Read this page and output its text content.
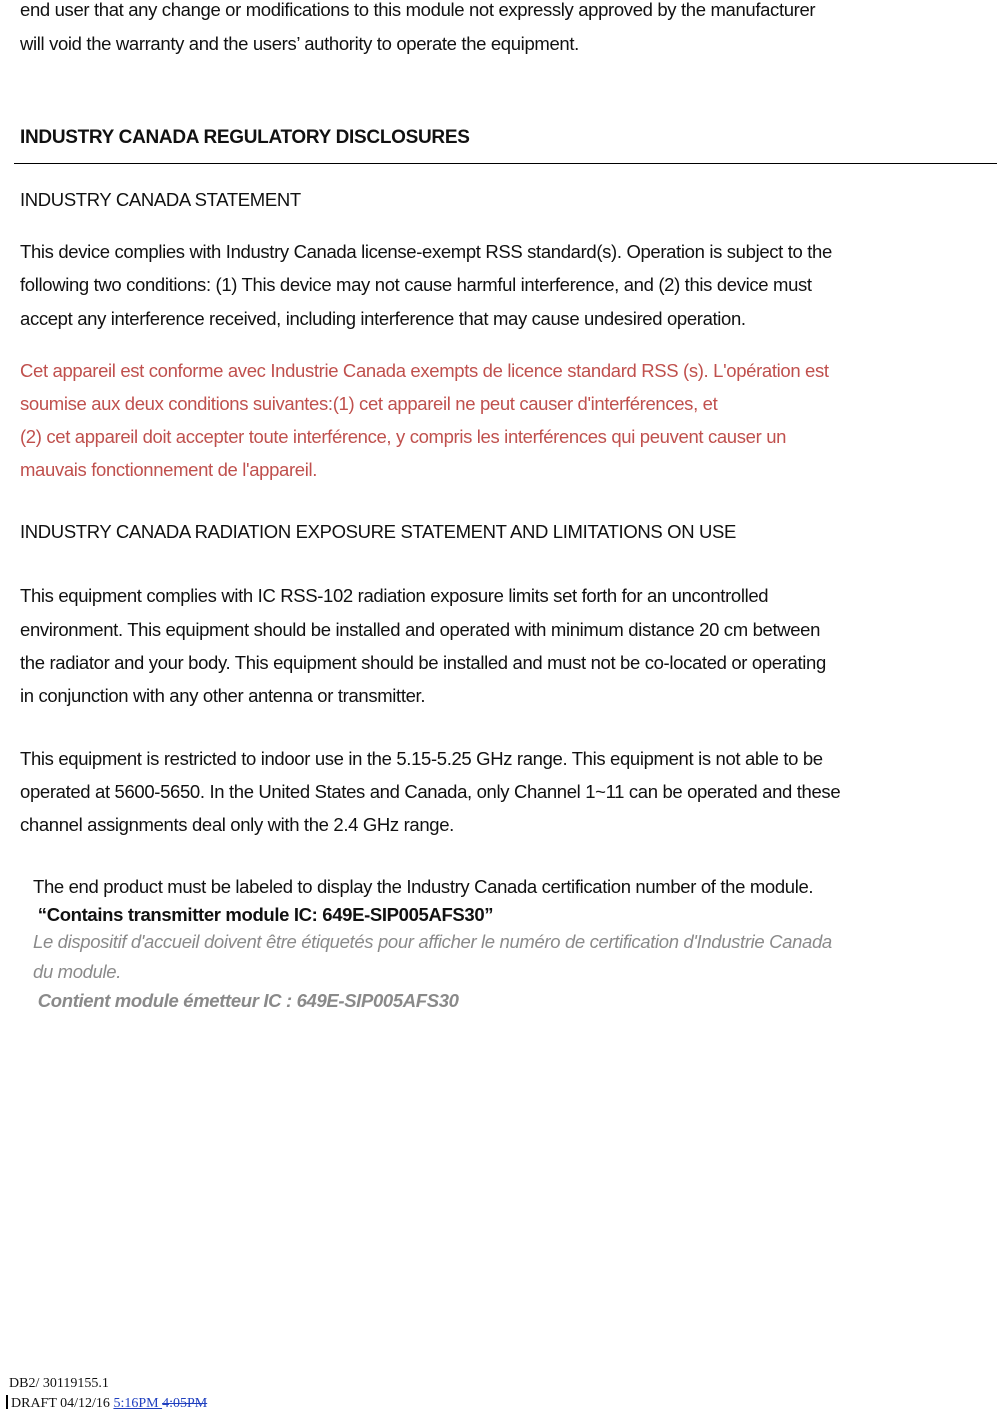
end user that any change or modifications to this module not expressly approved by the manufacturer

will void the warranty and the users’ authority to operate the equipment.

INDUSTRY CANADA REGULATORY DISCLOSURES

INDUSTRY CANADA STATEMENT

This device complies with Industry Canada license-exempt RSS standard(s). Operation is subject to the

following two conditions: (1) This device may not cause harmful interference, and (2) this device must

accept any interference received, including interference that may cause undesired operation.

Cet appareil est conforme avec Industrie Canada exempts de licence standard RSS (s). L'opération est

soumise aux deux conditions suivantes:(1) cet appareil ne peut causer d'interférences, et

(2) cet appareil doit accepter toute interférence, y compris les interférences qui peuvent causer un

mauvais fonctionnement de l'appareil.

INDUSTRY CANADA RADIATION EXPOSURE STATEMENT AND LIMITATIONS ON USE

This equipment complies with IC RSS-102 radiation exposure limits set forth for an uncontrolled

environment. This equipment should be installed and operated with minimum distance 20 cm between

the radiator and your body. This equipment should be installed and must not be co-located or operating

in conjunction with any other antenna or transmitter.

This equipment is restricted to indoor use in the 5.15-5.25 GHz range. This equipment is not able to be

operated at 5600-5650. In the United States and Canada, only Channel 1~11 can be operated and these

channel assignments deal only with the 2.4 GHz range.

The end product must be labeled to display the Industry Canada certification number of the module.

“Contains transmitter module IC: 649E-SIP005AFS30”

Le dispositif d'accueil doivent être étiquetés pour afficher le numéro de certification d'Industrie Canada

du module.

Contient module émetteur IC : 649E-SIP005AFS30

DB2/ 30119155.1

DRAFT 04/12/16 5:16PM 4:05PM
